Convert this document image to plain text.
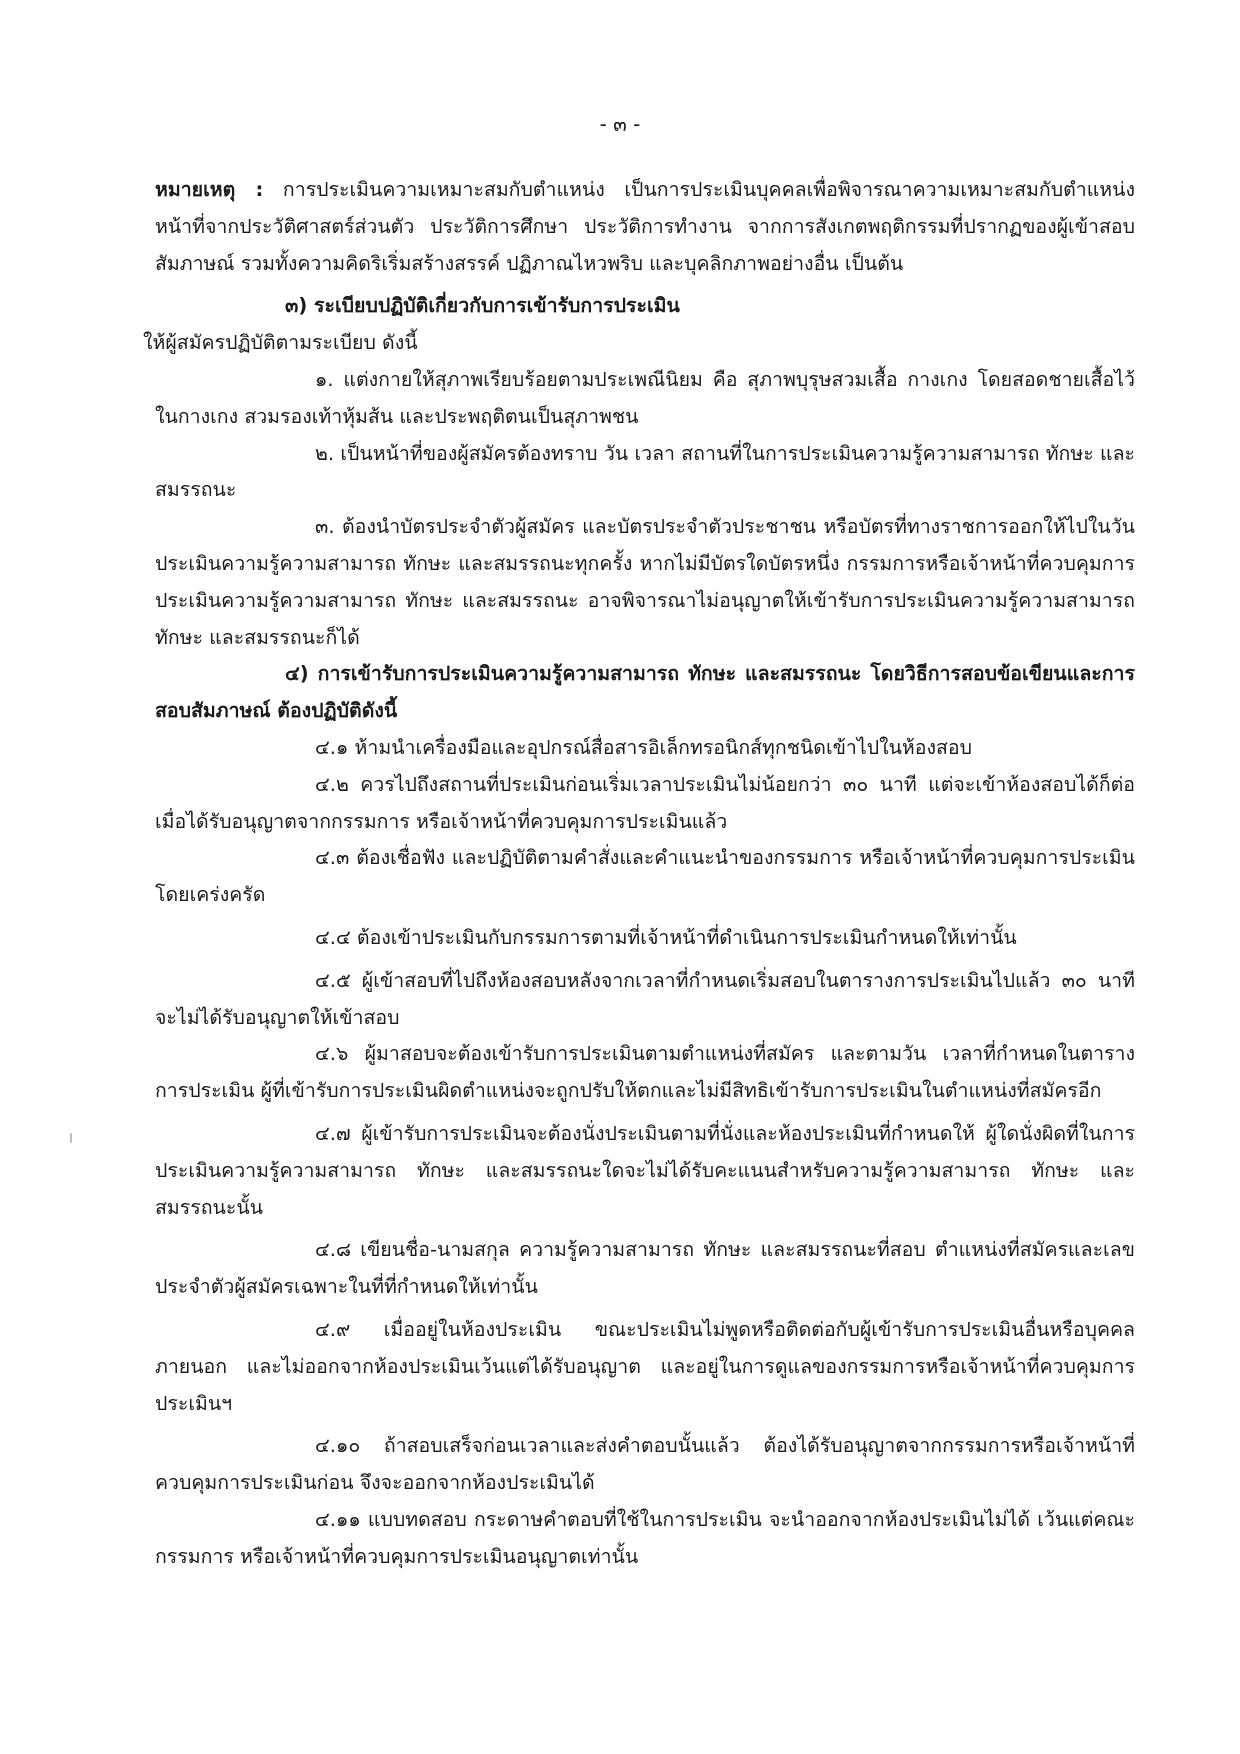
- ๓ -

หมายเหตุ : การประเมินความเหมาะสมกับตำแหน่ง เป็นการประเมินบุคคลเพื่อพิจารณาความเหมาะสมกับตำแหน่งหน้าที่จากประวัติศาสตร์ส่วนตัว ประวัติการศึกษา ประวัติการทำงาน จากการสังเกตพฤติกรรมที่ปรากฏของผู้เข้าสอบสัมภาษณ์ รวมทั้งความคิดริเริ่มสร้างสรรค์ ปฏิภาณไหวพริบ และบุคลิกภาพอย่างอื่น เป็นต้น

๓) ระเบียบปฏิบัติเกี่ยวกับการเข้ารับการประเมิน

ให้ผู้สมัครปฏิบัติตามระเบียบ ดังนี้

๑. แต่งกายให้สุภาพเรียบร้อยตามประเพณีนิยม คือ สุภาพบุรุษสวมเสื้อ กางเกง โดยสอดชายเสื้อไว้ในกางเกง สวมรองเท้าหุ้มส้น และประพฤติตนเป็นสุภาพชน

๒. เป็นหน้าที่ของผู้สมัครต้องทราบ วัน เวลา สถานที่ในการประเมินความรู้ความสามารถ ทักษะ และสมรรถนะ

๓. ต้องนำบัตรประจำตัวผู้สมัคร และบัตรประจำตัวประชาชน หรือบัตรที่ทางราชการออกให้ไปในวันประเมินความรู้ความสามารถ ทักษะ และสมรรถนะทุกครั้ง หากไม่มีบัตรใดบัตรหนึ่ง กรรมการหรือเจ้าหน้าที่ควบคุมการประเมินความรู้ความสามารถ ทักษะ และสมรรถนะ อาจพิจารณาไม่อนุญาตให้เข้ารับการประเมินความรู้ความสามารถ ทักษะ และสมรรถนะก็ได้

๔) การเข้ารับการประเมินความรู้ความสามารถ ทักษะ และสมรรถนะ โดยวิธีการสอบข้อเขียนและการสอบสัมภาษณ์ ต้องปฏิบัติดังนี้

๔.๑ ห้ามนำเครื่องมือและอุปกรณ์สื่อสารอิเล็กทรอนิกส์ทุกชนิดเข้าไปในห้องสอบ

๔.๒ ควรไปถึงสถานที่ประเมินก่อนเริ่มเวลาประเมินไม่น้อยกว่า ๓๐ นาที แต่จะเข้าห้องสอบได้ก็ต่อเมื่อได้รับอนุญาตจากกรรมการ หรือเจ้าหน้าที่ควบคุมการประเมินแล้ว

๔.๓ ต้องเชื่อฟัง และปฏิบัติตามคำสั่งและคำแนะนำของกรรมการ หรือเจ้าหน้าที่ควบคุมการประเมินโดยเคร่งครัด

๔.๔ ต้องเข้าประเมินกับกรรมการตามที่เจ้าหน้าที่ดำเนินการประเมินกำหนดให้เท่านั้น

๔.๕ ผู้เข้าสอบที่ไปถึงห้องสอบหลังจากเวลาที่กำหนดเริ่มสอบในตารางการประเมินไปแล้ว ๓๐ นาที จะไม่ได้รับอนุญาตให้เข้าสอบ

๔.๖ ผู้มาสอบจะต้องเข้ารับการประเมินตามตำแหน่งที่สมัคร และตามวัน เวลาที่กำหนดในตารางการประเมิน ผู้ที่เข้ารับการประเมินผิดตำแหน่งจะถูกปรับให้ตกและไม่มีสิทธิเข้ารับการประเมินในตำแหน่งที่สมัครอีก

๔.๗ ผู้เข้ารับการประเมินจะต้องนั่งประเมินตามที่นั่งและห้องประเมินที่กำหนดให้ ผู้ใดนั่งผิดที่ในการประเมินความรู้ความสามารถ ทักษะ และสมรรถนะใดจะไม่ได้รับคะแนนสำหรับความรู้ความสามารถ ทักษะ และสมรรถนะนั้น

๔.๘ เขียนชื่อ-นามสกุล ความรู้ความสามารถ ทักษะ และสมรรถนะที่สอบ ตำแหน่งที่สมัครและเลขประจำตัวผู้สมัครเฉพาะในที่ที่กำหนดให้เท่านั้น

๔.๙ เมื่ออยู่ในห้องประเมิน ขณะประเมินไม่พูดหรือติดต่อกับผู้เข้ารับการประเมินอื่นหรือบุคคลภายนอก และไม่ออกจากห้องประเมินเว้นแต่ได้รับอนุญาต และอยู่ในการดูแลของกรรมการหรือเจ้าหน้าที่ควบคุมการประเมินฯ

๔.๑๐ ถ้าสอบเสร็จก่อนเวลาและส่งคำตอบนั้นแล้ว ต้องได้รับอนุญาตจากกรรมการหรือเจ้าหน้าที่ควบคุมการประเมินก่อน จึงจะออกจากห้องประเมินได้

๔.๑๑ แบบทดสอบ กระดาษคำตอบที่ใช้ในการประเมิน จะนำออกจากห้องประเมินไม่ได้ เว้นแต่คณะกรรมการ หรือเจ้าหน้าที่ควบคุมการประเมินอนุญาตเท่านั้น
